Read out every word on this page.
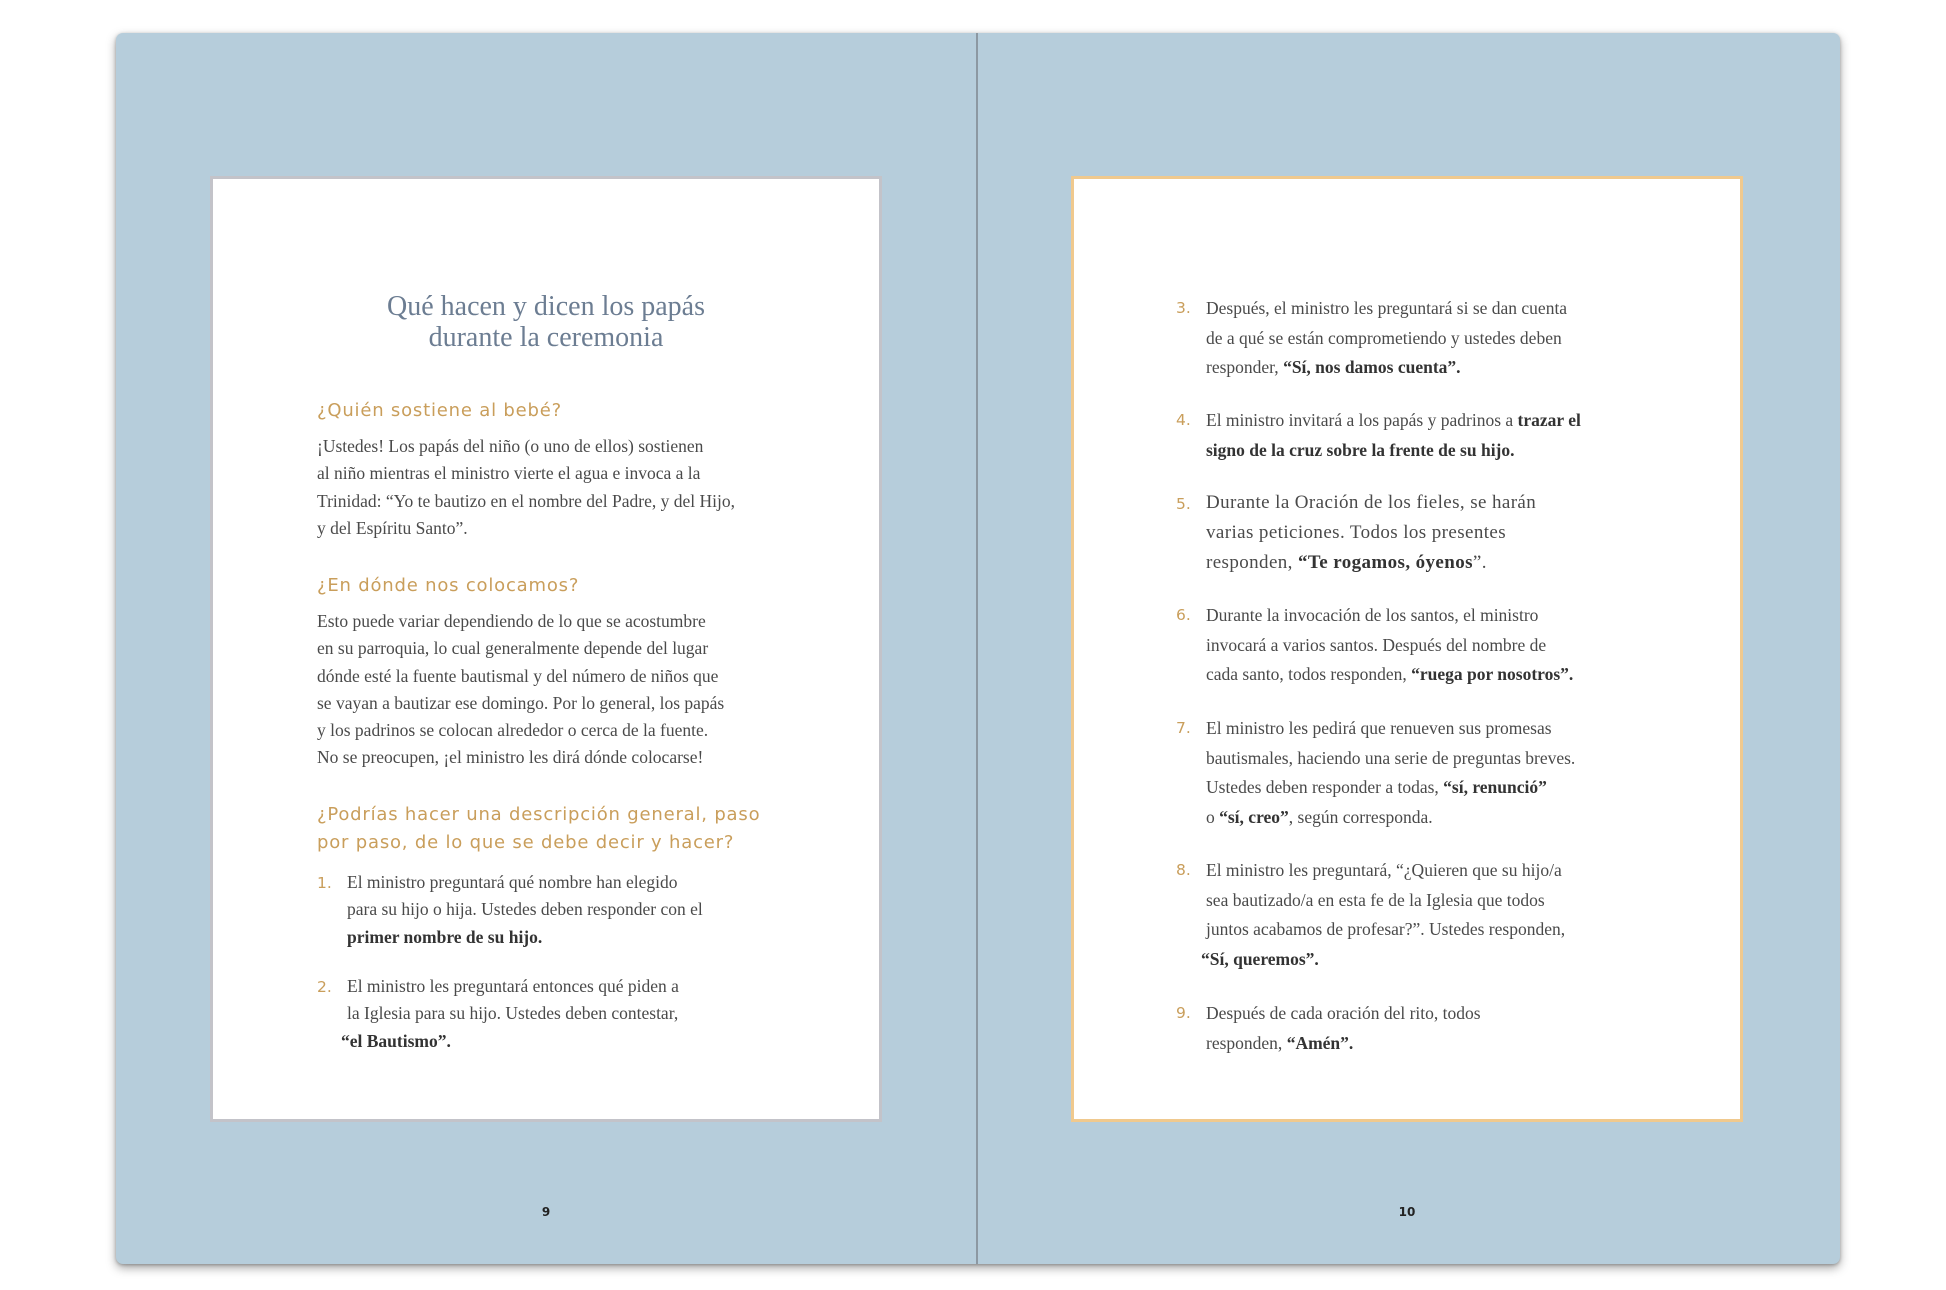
Qué hacen y dicen los papás
durante la ceremonia
¿Quién sostiene al bebé?
¡Ustedes! Los papás del niño (o uno de ellos) sostienen
al niño mientras el ministro vierte el agua e invoca a la
Trinidad: “Yo te bautizo en el nombre del Padre, y del Hijo,
y del Espíritu Santo”.
¿En dónde nos colocamos?
Esto puede variar dependiendo de lo que se acostumbre
en su parroquia, lo cual generalmente depende del lugar
dónde esté la fuente bautismal y del número de niños que
se vayan a bautizar ese domingo. Por lo general, los papás
y los padrinos se colocan alrededor o cerca de la fuente.
No se preocupen, ¡el ministro les dirá dónde colocarse!
¿Podrías hacer una descripción general, paso
por paso, de lo que se debe decir y hacer?
1. El ministro preguntará qué nombre han elegido
para su hijo o hija. Ustedes deben responder con el
primer nombre de su hijo.
2. El ministro les preguntará entonces qué piden a
la Iglesia para su hijo. Ustedes deben contestar,
“el Bautismo”.
3. Después, el ministro les preguntará si se dan cuenta
de a qué se están comprometiendo y ustedes deben
responder, “Sí, nos damos cuenta”.
4. El ministro invitará a los papás y padrinos a trazar el
signo de la cruz sobre la frente de su hijo.
5. Durante la Oración de los fieles, se harán
varias peticiones. Todos los presentes
responden, “Te rogamos, óyenos”.
6. Durante la invocación de los santos, el ministro
invocará a varios santos. Después del nombre de
cada santo, todos responden, “ruega por nosotros”.
7. El ministro les pedirá que renueven sus promesas
bautismales, haciendo una serie de preguntas breves.
Ustedes deben responder a todas, “sí, renunció”
o “sí, creo”, según corresponda.
8. El ministro les preguntará, “¿Quieren que su hijo/a
sea bautizado/a en esta fe de la Iglesia que todos
juntos acabamos de profesar?”. Ustedes responden,
“Sí, queremos”.
9. Después de cada oración del rito, todos
responden, “Amén”.
9	10
